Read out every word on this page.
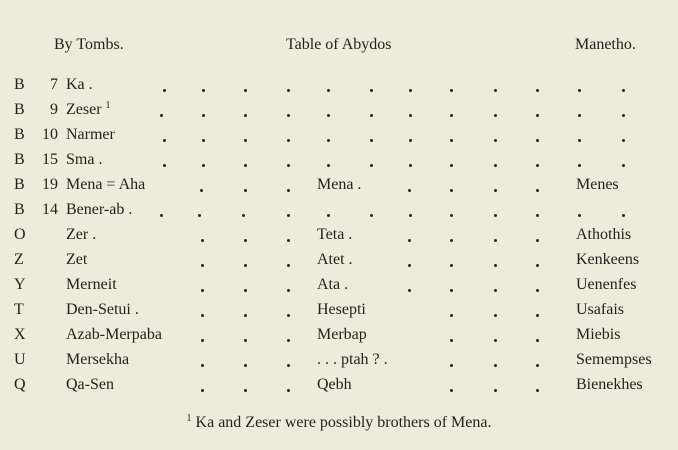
By Tombs.	Table of Abydos	Manetho.
B	7 Ka .
B	9 Zeser $^1$
B	10 Narmer
B	15 Sma .
B	19 Mena = Aha	Mena .	Menes
B	14 Bener-ab .
O	Zer .	Teta .	Athothis
Z	Zet	Atet .	Kenkeens
Y	Merneit	Ata .	Uenenfes
T	Den-Setui .	Hesepti	Usafais
X	Azab-Merpaba	Merbap	Miebis
U	Mersekha	. . . ptah ? .	Semempses
Q	Qa-Sen	Qebh	Bienekhes
$^1$ Ka and Zeser were possibly brothers of Mena.
